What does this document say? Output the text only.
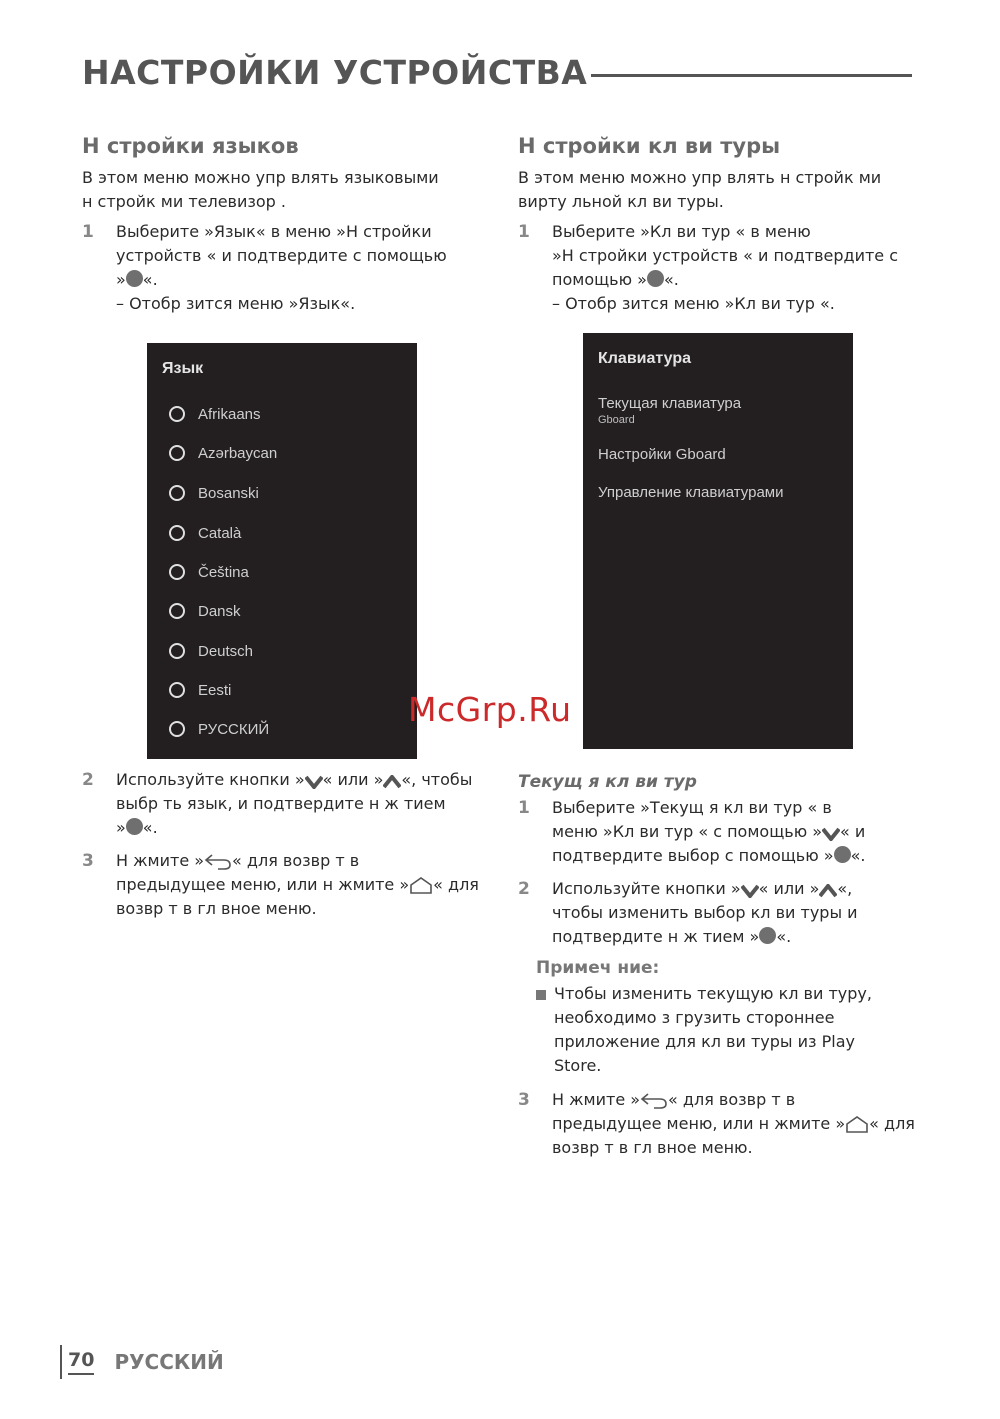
НАСТРОЙКИ УСТРОЙСТВА

Н стройки языков

В этом меню можно упр влять языковыми

н стройк ми телевизор .

1 Выберите »Язык« в меню »Н стройки
устройств « и подтвердите с помощью
» «.
– Отобр зится меню »Язык«.
Язык
Afrikaans
Azərbaycan
Bosanski
Català
Čeština
Dansk
Deutsch
Eesti
РУССКИЙ
2 Используйте кнопки » « или » «, чтобы
выбр ть язык, и подтвердите н ж тием
» «.
3 Н жмите » « для возвр т в
предыдущее меню, или н жмите » « для
возвр т в гл вное меню.

Н стройки кл ви туры

В этом меню можно упр влять н стройк ми

вирту льной кл ви туры.

1 Выберите »Кл ви тур « в меню
»Н стройки устройств « и подтвердите с
помощью » «.
– Отобр зится меню »Кл ви тур «.
Клавиатура
Текущая клавиатура
Gboard
Настройки Gboard
Управление клавиатурами
Текущ я кл ви тур
1 Выберите »Текущ я кл ви тур « в
меню »Кл ви тур « с помощью » « и
подтвердите выбор с помощью » «.
2 Используйте кнопки » « или » «,
чтобы изменить выбор кл ви туры и
подтвердите н ж тием » «.
Примеч ние:
Чтобы изменить текущую кл ви туру,
необходимо з грузить стороннее
приложение для кл ви туры из Play
Store.
3 Н жмите » « для возвр т в
предыдущее меню, или н жмите » « для
возвр т в гл вное меню.
McGrp.Ru
70 РУССКИЙ
